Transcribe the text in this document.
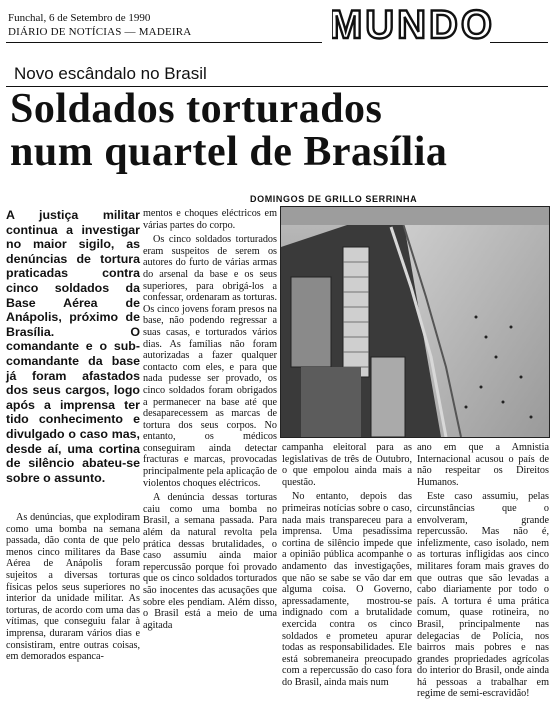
Funchal, 6 de Setembro de 1990
DIÁRIO DE NOTÍCIAS — MADEIRA	MUNDO
Novo escândalo no Brasil
Soldados torturados
num quartel de Brasília
DOMINGOS DE GRILLO SERRINHA

A justiça militar continua a investigar no maior sigilo, as denúncias de tortura praticadas contra cinco soldados da Base Aérea de Anápolis, próximo de Brasília. O comandante e o sub-comandante da base já foram afastados dos seus cargos, logo após a imprensa ter tido conhecimento e divulgado o caso mas, desde aí, uma cortina de silêncio abateu-se sobre o assunto.

As denúncias, que explodiram como uma bomba na semana passada, dão conta de que pelo menos cinco militares da Base Aérea de Anápolis foram sujeitos a diversas torturas físicas pelos seus superiores no interior da unidade militar. As torturas, de acordo com uma das vítimas, que conseguiu falar à imprensa, duraram vários dias e consistiram, entre outras coisas, em demorados espanca-

mentos e choques eléctricos em várias partes do corpo.

Os cinco soldados torturados eram suspeitos de serem os autores do furto de várias armas do arsenal da base e os seus superiores, para obrigá-los a confessar, ordenaram as torturas. Os cinco jovens foram presos na base, não podendo regressar a suas casas, e torturados vários dias. As famílias não foram autorizadas a fazer qualquer contacto com eles, e para que nada pudesse ser provado, os cinco soldados foram obrigados a permanecer na base até que desaparecessem as marcas de tortura dos seus corpos. No entanto, os médicos conseguiram ainda detectar fracturas e marcas, provocadas principalmente pela aplicação de violentos choques eléctricos.

A denúncia dessas torturas caiu como uma bomba no Brasil, a semana passada. Para além da natural revolta pela prática dessas brutalidades, o caso assumiu ainda maior repercussão porque foi provado que os cinco soldados torturados são inocentes das acusações que sobre eles pendiam. Além disso, o Brasil está a meio de uma agitada

campanha eleitoral para as legislativas de três de Outubro, o que empolou ainda mais a questão.

No entanto, depois das primeiras notícias sobre o caso, nada mais transpareceu para a imprensa. Uma pesadíssima cortina de silêncio impede que a opinião pública acompanhe o andamento das investigações, que não se sabe se vão dar em alguma coisa. O Governo, apressadamente, mostrou-se indignado com a brutalidade exercida contra os cinco soldados e prometeu apurar todas as responsabilidades. Ele está sobremaneira preocupado com a repercussão do caso fora do Brasil, ainda mais num

ano em que a Amnistia Internacional acusou o país de não respeitar os Direitos Humanos.

Este caso assumiu, pelas circunstâncias que o envolveram, grande repercussão. Mas não é, infelizmente, caso isolado, nem as torturas infligidas aos cinco militares foram mais graves do que outras que são levadas a cabo diariamente por todo o país. A tortura é uma prática comum, quase rotineira, no Brasil, principalmente nas delegacias de Polícia, nos bairros mais pobres e nas grandes propriedades agrícolas do interior do Brasil, onde ainda há pessoas a trabalhar em regime de semi-escravidão!
